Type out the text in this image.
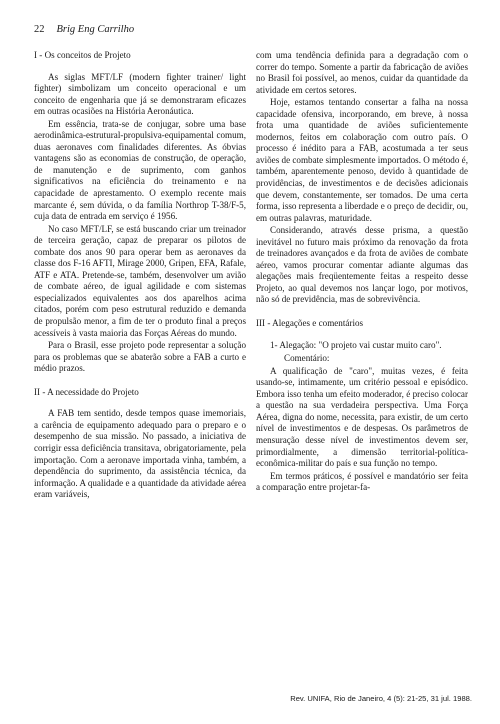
22 Brig Eng Carrilho
I - Os conceitos de Projeto

As siglas MFT/LF (modern fighter trainer/ light fighter) simbolizam um conceito operacional e um conceito de engenharia que já se demonstraram eficazes em outras ocasiões na História Aeronáutica.

Em essência, trata-se de conjugar, sobre uma base aerodinâmica-estrutural-propulsiva-equipamental comum, duas aeronaves com finalidades diferentes. As óbvias vantagens são as economias de construção, de operação, de manutenção e de suprimento, com ganhos significativos na eficiência do treinamento e na capacidade de aprestamento. O exemplo recente mais marcante é, sem dúvida, o da família Northrop T-38/F-5, cuja data de entrada em serviço é 1956.

No caso MFT/LF, se está buscando criar um treinador de terceira geração, capaz de preparar os pilotos de combate dos anos 90 para operar bem as aeronaves da classe dos F-16 AFTI, Mirage 2000, Gripen, EFA, Rafale, ATF e ATA. Pretende-se, também, desenvolver um avião de combate aéreo, de igual agilidade e com sistemas especializados equivalentes aos dos aparelhos acima citados, porém com peso estrutural reduzido e demanda de propulsão menor, a fim de ter o produto final a preços acessíveis à vasta maioria das Forças Aéreas do mundo.

Para o Brasil, esse projeto pode representar a solução para os problemas que se abaterão sobre a FAB a curto e médio prazos.

II - A necessidade do Projeto

A FAB tem sentido, desde tempos quase imemoriais, a carência de equipamento adequado para o preparo e o desempenho de sua missão. No passado, a iniciativa de corrigir essa deficiência transitava, obrigatoriamente, pela importação. Com a aeronave importada vinha, também, a dependência do suprimento, da assistência técnica, da informação. A qualidade e a quantidade da atividade aérea eram variáveis,

com uma tendência definida para a degradação com o correr do tempo. Somente a partir da fabricação de aviões no Brasil foi possível, ao menos, cuidar da quantidade da atividade em certos setores.

Hoje, estamos tentando consertar a falha na nossa capacidade ofensiva, incorporando, em breve, à nossa frota uma quantidade de aviões suficientemente modernos, feitos em colaboração com outro país. O processo é inédito para a FAB, acostumada a ter seus aviões de combate simplesmente importados. O método é, também, aparentemente penoso, devido à quantidade de providências, de investimentos e de decisões adicionais que devem, constantemente, ser tomados. De uma certa forma, isso representa a liberdade e o preço de decidir, ou, em outras palavras, maturidade.

Considerando, através desse prisma, a questão inevitável no futuro mais próximo da renovação da frota de treinadores avançados e da frota de aviões de combate aéreo, vamos procurar comentar adiante algumas das alegações mais freqüentemente feitas a respeito desse Projeto, ao qual devemos nos lançar logo, por motivos, não só de previdência, mas de sobrevivência.

III - Alegações e comentários

1- Alegação: "O projeto vai custar muito caro".

Comentário:

A qualificação de "caro", muitas vezes, é feita usando-se, intimamente, um critério pessoal e episódico. Embora isso tenha um efeito moderador, é preciso colocar a questão na sua verdadeira perspectiva. Uma Força Aérea, digna do nome, necessita, para existir, de um certo nível de investimentos e de despesas. Os parâmetros de mensuração desse nível de investimentos devem ser, primordialmente, a dimensão territorial-política-econômica-militar do país e sua função no tempo.

Em termos práticos, é possível e mandatório ser feita a comparação entre projetar-fa-

Rev. UNIFA, Rio de Janeiro, 4 (5): 21-25, 31 jul. 1988.
